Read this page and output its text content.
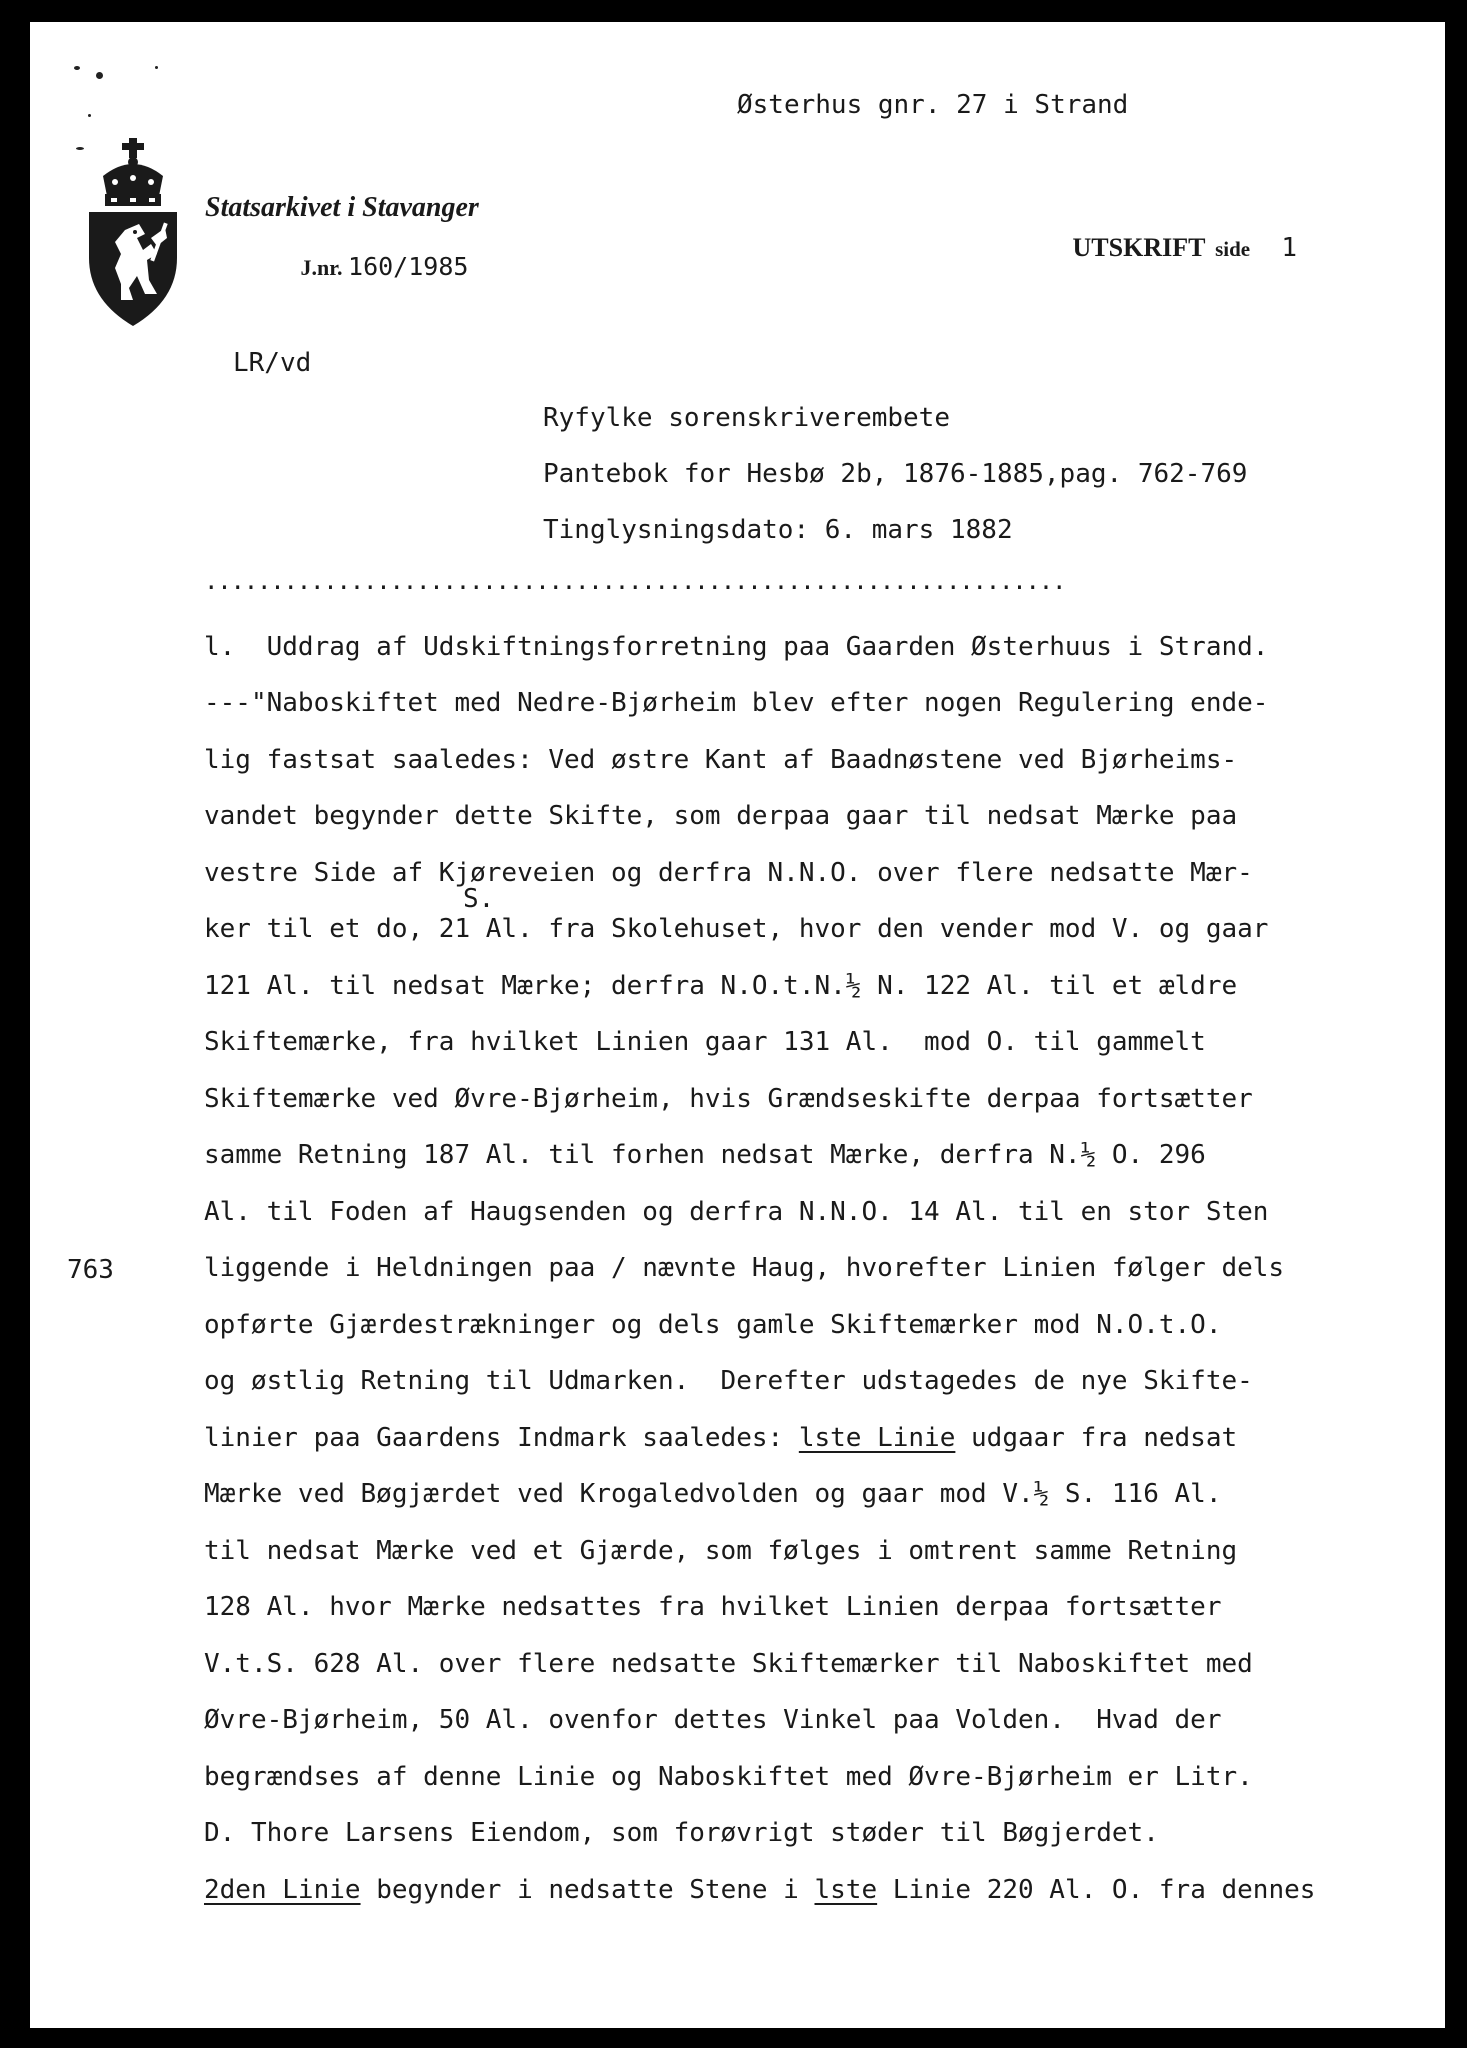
Østerhus gnr. 27 i Strand
Statsarkivet i Stavanger

J.nr. 160/1985

UTSKRIFT side 1

LR/vd
Ryfylke sorenskriverembete
Pantebok for Hesbø 2b, 1876-1885,pag. 762-769
Tinglysningsdato: 6. mars 1882
.................................................................
763
S.
l.  Uddrag af Udskiftningsforretning paa Gaarden Østerhuus i Strand.
---"Naboskiftet med Nedre-Bjørheim blev efter nogen Regulering ende-
lig fastsat saaledes: Ved østre Kant af Baadnøstene ved Bjørheims-
vandet begynder dette Skifte, som derpaa gaar til nedsat Mærke paa
vestre Side af Kjøreveien og derfra N.N.O. over flere nedsatte Mær-
ker til et do, 21 Al. fra Skolehuset, hvor den vender mod V. og gaar
121 Al. til nedsat Mærke; derfra N.O.t.N.½ N. 122 Al. til et ældre
Skiftemærke, fra hvilket Linien gaar 131 Al.  mod O. til gammelt
Skiftemærke ved Øvre-Bjørheim, hvis Grændseskifte derpaa fortsætter
samme Retning 187 Al. til forhen nedsat Mærke, derfra N.½ O. 296
Al. til Foden af Haugsenden og derfra N.N.O. 14 Al. til en stor Sten
liggende i Heldningen paa / nævnte Haug, hvorefter Linien følger dels
opførte Gjærdestrækninger og dels gamle Skiftemærker mod N.O.t.O.
og østlig Retning til Udmarken.  Derefter udstagedes de nye Skifte-
linier paa Gaardens Indmark saaledes: lste Linie udgaar fra nedsat
Mærke ved Bøgjærdet ved Krogaledvolden og gaar mod V.½ S. 116 Al.
til nedsat Mærke ved et Gjærde, som følges i omtrent samme Retning
128 Al. hvor Mærke nedsattes fra hvilket Linien derpaa fortsætter
V.t.S. 628 Al. over flere nedsatte Skiftemærker til Naboskiftet med
Øvre-Bjørheim, 50 Al. ovenfor dettes Vinkel paa Volden.  Hvad der
begrændses af denne Linie og Naboskiftet med Øvre-Bjørheim er Litr.
D. Thore Larsens Eiendom, som forøvrigt støder til Bøgjerdet.
2den Linie begynder i nedsatte Stene i lste Linie 220 Al. O. fra dennes
